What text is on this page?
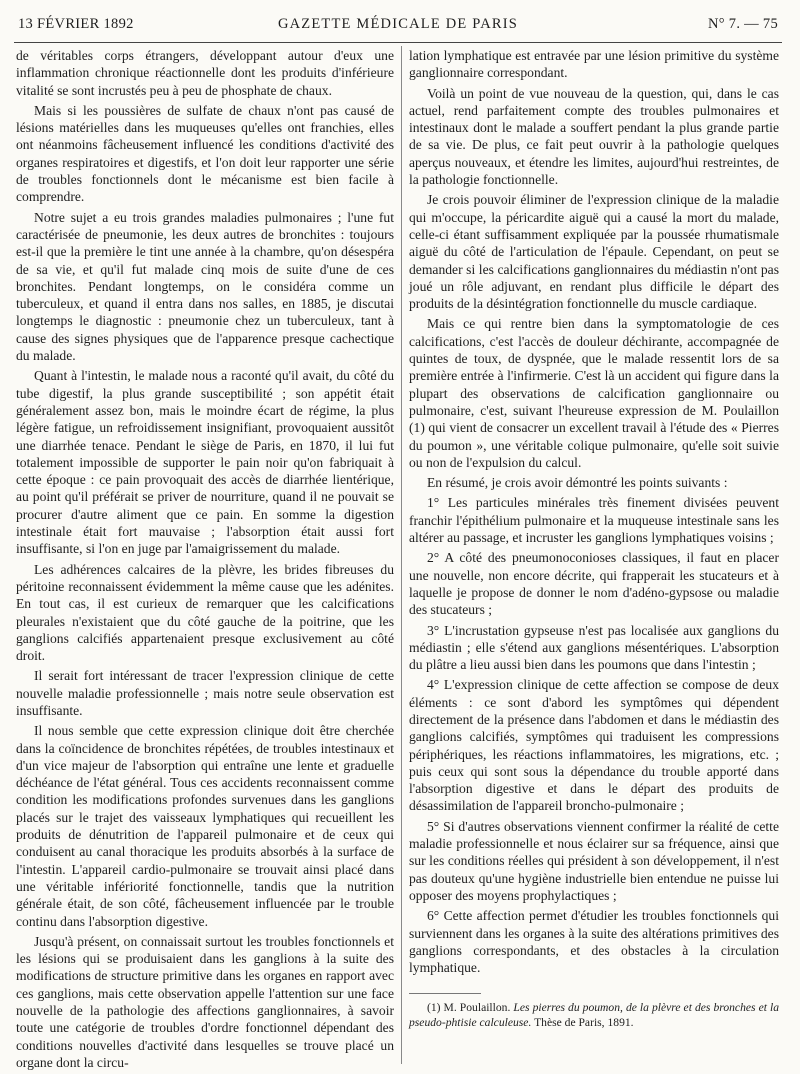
13 FÉVRIER 1892	GAZETTE MÉDICALE DE PARIS	N° 7. — 75

de véritables corps étrangers, développant autour d'eux une inflammation chronique réactionnelle dont les produits d'inférieure vitalité se sont incrustés peu à peu de phosphate de chaux.

Mais si les poussières de sulfate de chaux n'ont pas causé de lésions matérielles dans les muqueuses qu'elles ont franchies, elles ont néanmoins fâcheusement influencé les conditions d'activité des organes respiratoires et digestifs, et l'on doit leur rapporter une série de troubles fonctionnels dont le mécanisme est bien facile à comprendre.

Notre sujet a eu trois grandes maladies pulmonaires ; l'une fut caractérisée de pneumonie, les deux autres de bronchites : toujours est-il que la première le tint une année à la chambre, qu'on désespéra de sa vie, et qu'il fut malade cinq mois de suite d'une de ces bronchites. Pendant longtemps, on le considéra comme un tuberculeux, et quand il entra dans nos salles, en 1885, je discutai longtemps le diagnostic : pneumonie chez un tuberculeux, tant à cause des signes physiques que de l'apparence presque cachectique du malade.

Quant à l'intestin, le malade nous a raconté qu'il avait, du côté du tube digestif, la plus grande susceptibilité ; son appétit était généralement assez bon, mais le moindre écart de régime, la plus légère fatigue, un refroidissement insignifiant, provoquaient aussitôt une diarrhée tenace. Pendant le siège de Paris, en 1870, il lui fut totalement impossible de supporter le pain noir qu'on fabriquait à cette époque : ce pain provoquait des accès de diarrhée lientérique, au point qu'il préférait se priver de nourriture, quand il ne pouvait se procurer d'autre aliment que ce pain. En somme la digestion intestinale était fort mauvaise ; l'absorption était aussi fort insuffisante, si l'on en juge par l'amaigrissement du malade.

Les adhérences calcaires de la plèvre, les brides fibreuses du péritoine reconnaissent évidemment la même cause que les adénites. En tout cas, il est curieux de remarquer que les calcifications pleurales n'existaient que du côté gauche de la poitrine, que les ganglions calcifiés appartenaient presque exclusivement au côté droit.

Il serait fort intéressant de tracer l'expression clinique de cette nouvelle maladie professionnelle ; mais notre seule observation est insuffisante.

Il nous semble que cette expression clinique doit être cherchée dans la coïncidence de bronchites répétées, de troubles intestinaux et d'un vice majeur de l'absorption qui entraîne une lente et graduelle déchéance de l'état général. Tous ces accidents reconnaissent comme condition les modifications profondes survenues dans les ganglions placés sur le trajet des vaisseaux lymphatiques qui recueillent les produits de dénutrition de l'appareil pulmonaire et de ceux qui conduisent au canal thoracique les produits absorbés à la surface de l'intestin. L'appareil cardio-pulmonaire se trouvait ainsi placé dans une véritable infériorité fonctionnelle, tandis que la nutrition générale était, de son côté, fâcheusement influencée par le trouble continu dans l'absorption digestive.

Jusqu'à présent, on connaissait surtout les troubles fonctionnels et les lésions qui se produisaient dans les ganglions à la suite des modifications de structure primitive dans les organes en rapport avec ces ganglions, mais cette observation appelle l'attention sur une face nouvelle de la pathologie des affections ganglionnaires, à savoir toute une catégorie de troubles d'ordre fonctionnel dépendant des conditions nouvelles d'activité dans lesquelles se trouve placé un organe dont la circu-

lation lymphatique est entravée par une lésion primitive du système ganglionnaire correspondant.

Voilà un point de vue nouveau de la question, qui, dans le cas actuel, rend parfaitement compte des troubles pulmonaires et intestinaux dont le malade a souffert pendant la plus grande partie de sa vie. De plus, ce fait peut ouvrir à la pathologie quelques aperçus nouveaux, et étendre les limites, aujourd'hui restreintes, de la pathologie fonctionnelle.

Je crois pouvoir éliminer de l'expression clinique de la maladie qui m'occupe, la péricardite aiguë qui a causé la mort du malade, celle-ci étant suffisamment expliquée par la poussée rhumatismale aiguë du côté de l'articulation de l'épaule. Cependant, on peut se demander si les calcifications ganglionnaires du médiastin n'ont pas joué un rôle adjuvant, en rendant plus difficile le départ des produits de la désintégration fonctionnelle du muscle cardiaque.

Mais ce qui rentre bien dans la symptomatologie de ces calcifications, c'est l'accès de douleur déchirante, accompagnée de quintes de toux, de dyspnée, que le malade ressentit lors de sa première entrée à l'infirmerie. C'est là un accident qui figure dans la plupart des observations de calcification ganglionnaire ou pulmonaire, c'est, suivant l'heureuse expression de M. Poulaillon (1) qui vient de consacrer un excellent travail à l'étude des « Pierres du poumon », une véritable colique pulmonaire, qu'elle soit suivie ou non de l'expulsion du calcul.

En résumé, je crois avoir démontré les points suivants :

1° Les particules minérales très finement divisées peuvent franchir l'épithélium pulmonaire et la muqueuse intestinale sans les altérer au passage, et incruster les ganglions lymphatiques voisins ;

2° A côté des pneumonoconioses classiques, il faut en placer une nouvelle, non encore décrite, qui frapperait les stucateurs et à laquelle je propose de donner le nom d'adéno-gypsose ou maladie des stucateurs ;

3° L'incrustation gypseuse n'est pas localisée aux ganglions du médiastin ; elle s'étend aux ganglions mésentériques. L'absorption du plâtre a lieu aussi bien dans les poumons que dans l'intestin ;

4° L'expression clinique de cette affection se compose de deux éléments : ce sont d'abord les symptômes qui dépendent directement de la présence dans l'abdomen et dans le médiastin des ganglions calcifiés, symptômes qui traduisent les compressions périphériques, les réactions inflammatoires, les migrations, etc. ; puis ceux qui sont sous la dépendance du trouble apporté dans l'absorption digestive et dans le départ des produits de désassimilation de l'appareil broncho-pulmonaire ;

5° Si d'autres observations viennent confirmer la réalité de cette maladie professionnelle et nous éclairer sur sa fréquence, ainsi que sur les conditions réelles qui président à son développement, il n'est pas douteux qu'une hygiène industrielle bien entendue ne puisse lui opposer des moyens prophylactiques ;

6° Cette affection permet d'étudier les troubles fonctionnels qui surviennent dans les organes à la suite des altérations primitives des ganglions correspondants, et des obstacles à la circulation lymphatique.

(1) M. Poulaillon. Les pierres du poumon, de la plèvre et des bronches et la pseudo-phtisie calculeuse. Thèse de Paris, 1891.
